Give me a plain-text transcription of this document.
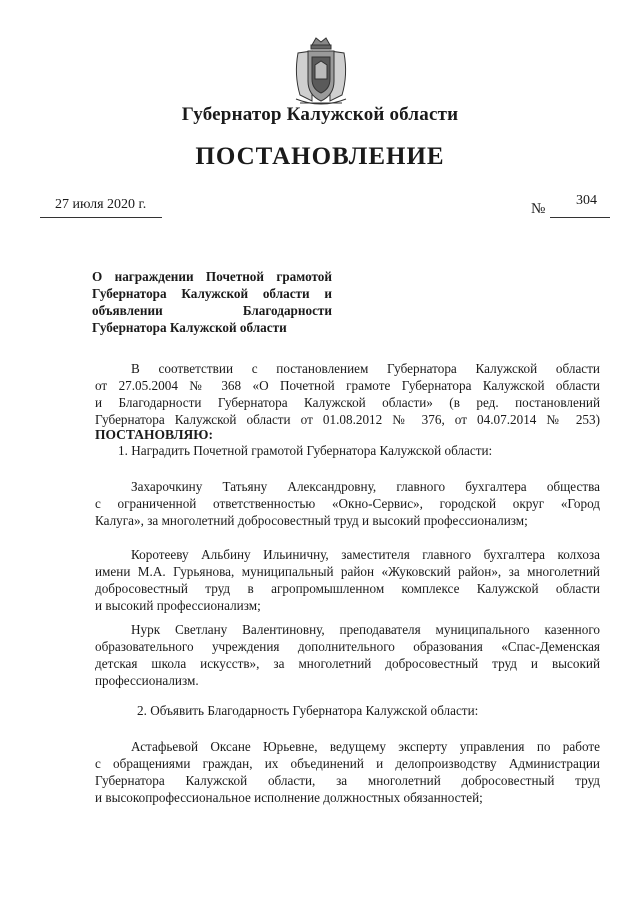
Губернатор Калужской области
ПОСТАНОВЛЕНИЕ
27 июля 2020 г.	№
304
О награждении Почетной грамотой Губернатора Калужской области и объявлении Благодарности Губернатора Калужской области
В соответствии с постановлением Губернатора Калужской области
от 27.05.2004 № 368 «О Почетной грамоте Губернатора Калужской области
и Благодарности Губернатора Калужской области» (в ред. постановлений
Губернатора Калужской области от 01.08.2012 № 376, от 04.07.2014 № 253)
ПОСТАНОВЛЯЮ:
1. Наградить Почетной грамотой Губернатора Калужской области:
Захарочкину Татьяну Александровну, главного бухгалтера общества
с ограниченной ответственностью «Окно-Сервис», городской округ «Город
Калуга», за многолетний добросовестный труд и высокий профессионализм;
Коротееву Альбину Ильиничну, заместителя главного бухгалтера колхоза
имени М.А. Гурьянова, муниципальный район «Жуковский район», за многолетний
добросовестный труд в агропромышленном комплексе Калужской области
и высокий профессионализм;
Нурк Светлану Валентиновну, преподавателя муниципального казенного
образовательного учреждения дополнительного образования «Спас-Деменская
детская школа искусств», за многолетний добросовестный труд и высокий
профессионализм.
2. Объявить Благодарность Губернатора Калужской области:
Астафьевой Оксане Юрьевне, ведущему эксперту управления по работе
с обращениями граждан, их объединений и делопроизводству Администрации
Губернатора Калужской области, за многолетний добросовестный труд
и высокопрофессиональное исполнение должностных обязанностей;
